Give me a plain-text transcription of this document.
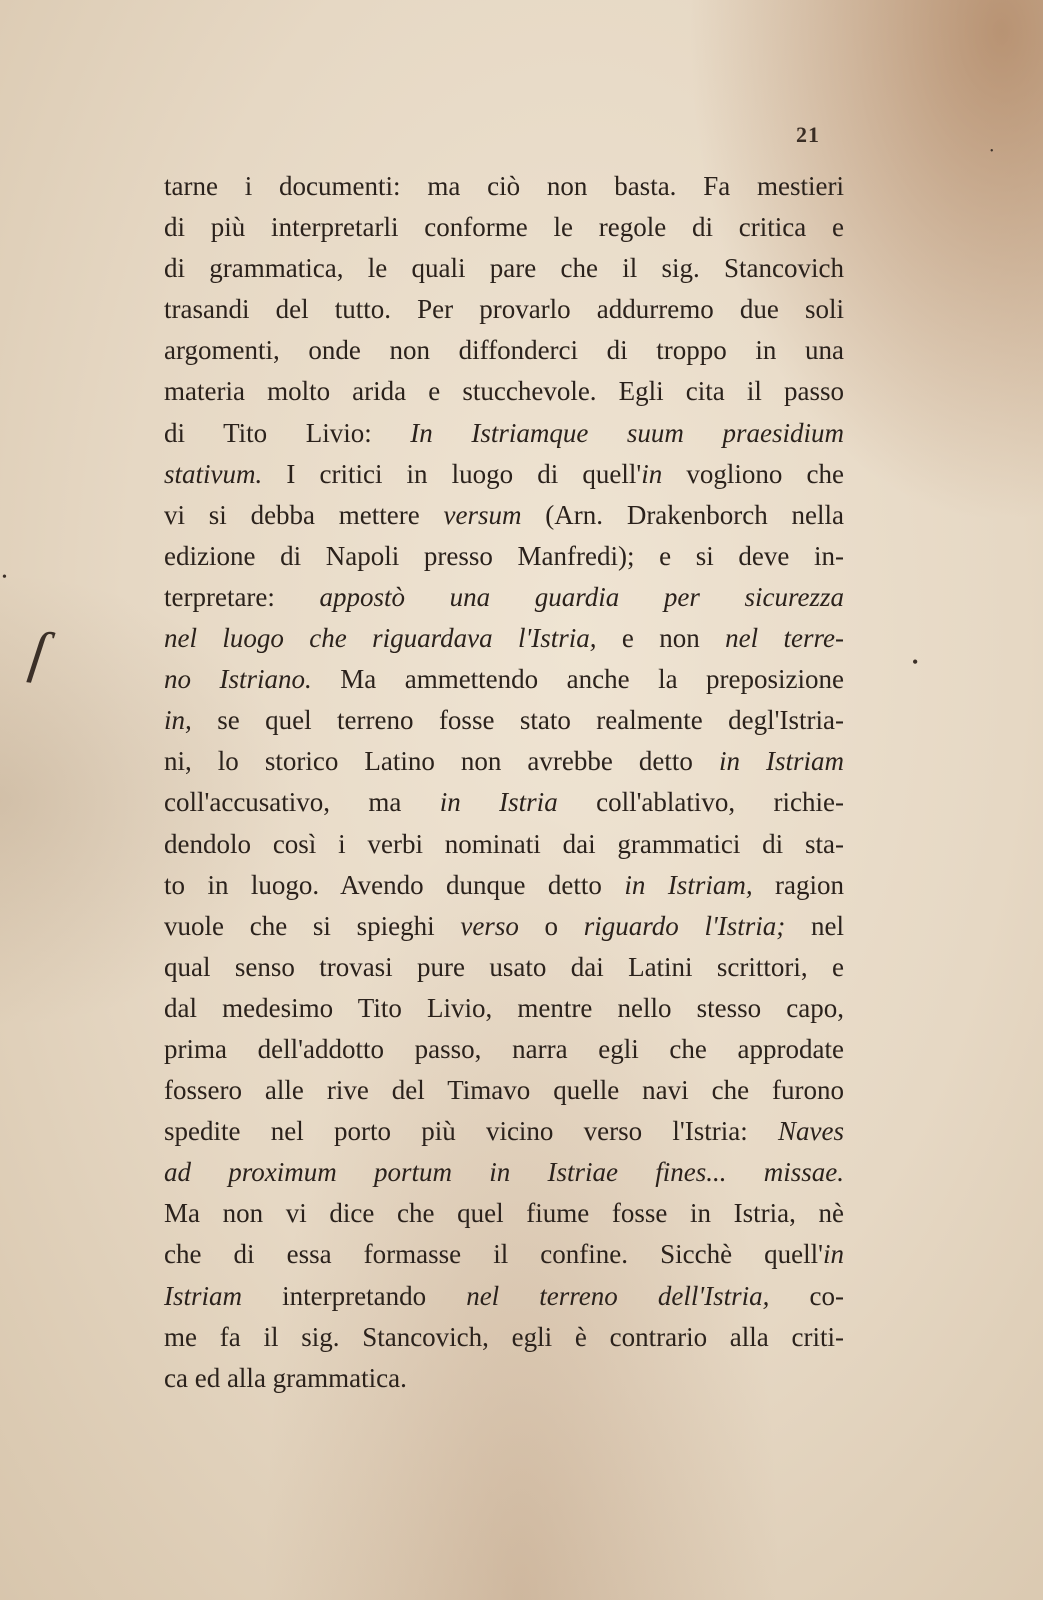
21
tarne i documenti: ma ciò non basta. Fa mestieri
di più interpretarli conforme le regole di critica e
di grammatica, le quali pare che il sig. Stancovich
trasandi del tutto. Per provarlo addurremo due soli
argomenti, onde non diffonderci di troppo in una
materia molto arida e stucchevole. Egli cita il passo
di Tito Livio: In Istriamque suum praesidium
stativum. I critici in luogo di quell'in vogliono che
vi si debba mettere versum (Arn. Drakenborch nella
edizione di Napoli presso Manfredi); e si deve in-
terpretare: appostò una guardia per sicurezza
nel luogo che riguardava l'Istria, e non nel terre-
no Istriano. Ma ammettendo anche la preposizione
in, se quel terreno fosse stato realmente degl'Istria-
ni, lo storico Latino non avrebbe detto in Istriam
coll'accusativo, ma in Istria coll'ablativo, richie-
dendolo così i verbi nominati dai grammatici di sta-
to in luogo. Avendo dunque detto in Istriam, ragion
vuole che si spieghi verso o riguardo l'Istria; nel
qual senso trovasi pure usato dai Latini scrittori, e
dal medesimo Tito Livio, mentre nello stesso capo,
prima dell'addotto passo, narra egli che approdate
fossero alle rive del Timavo quelle navi che furono
spedite nel porto più vicino verso l'Istria: Naves
ad proximum portum in Istriae fines... missae.
Ma non vi dice che quel fiume fosse in Istria, nè
che di essa formasse il confine. Sicchè quell'in
Istriam interpretando nel terreno dell'Istria, co-
me fa il sig. Stancovich, egli è contrario alla criti-
ca ed alla grammatica.
ſ	•
•
•
